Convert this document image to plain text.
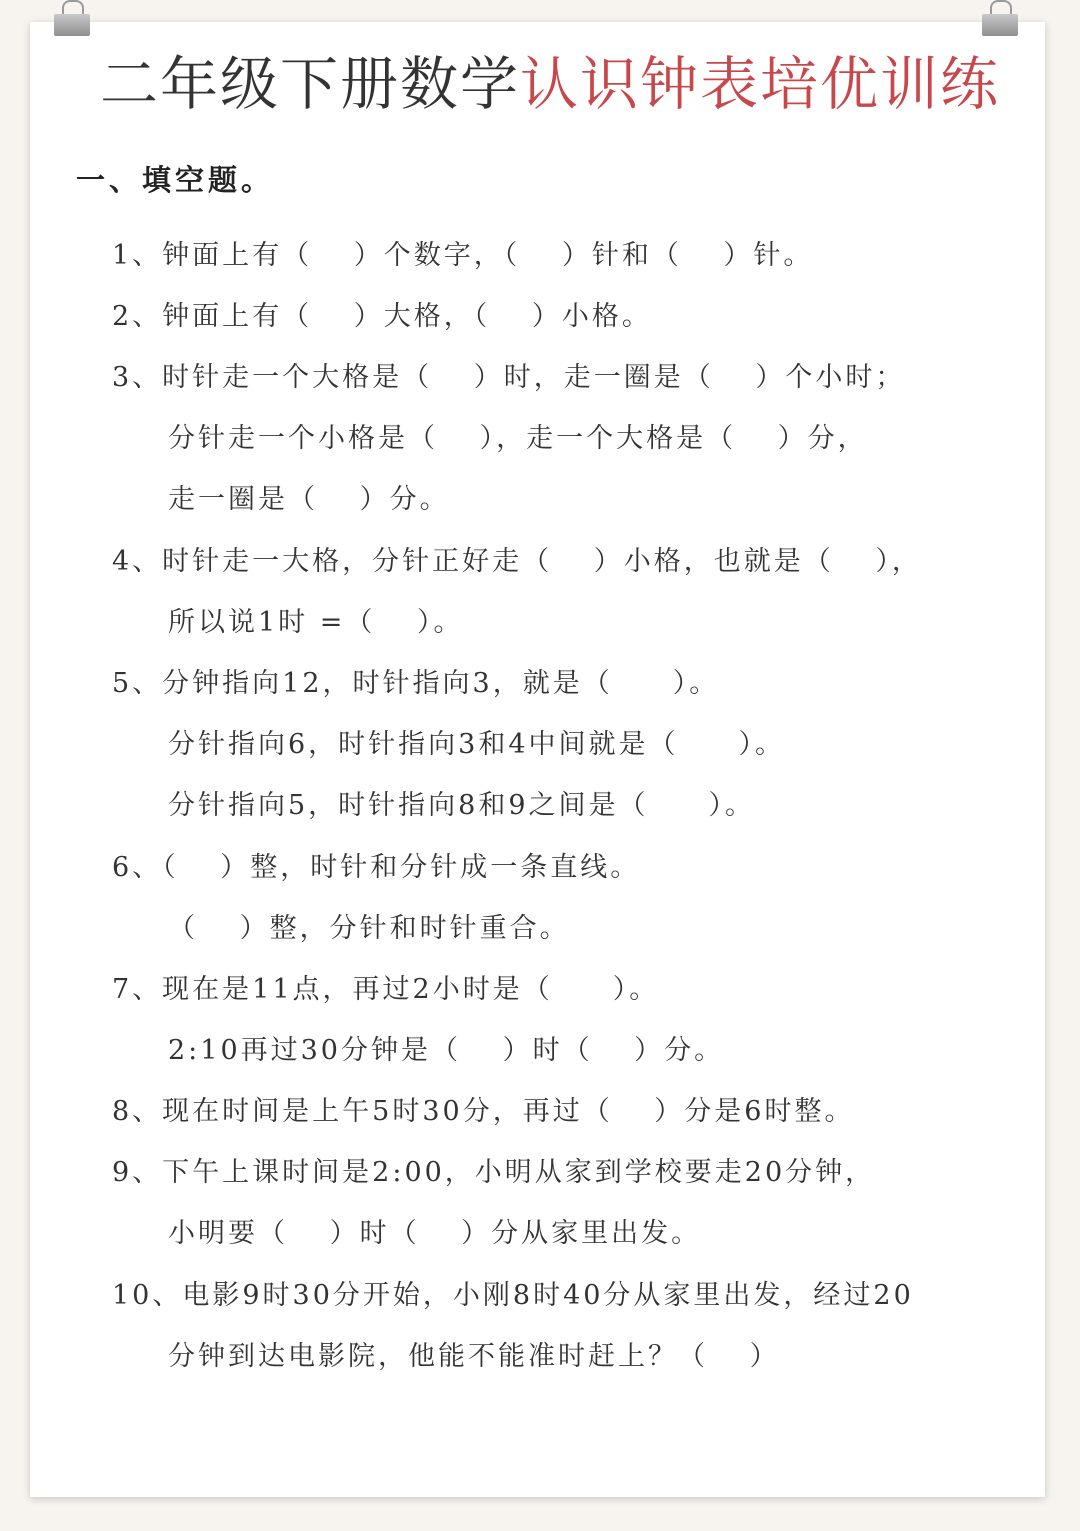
二年级下册数学认识钟表培优训练
一、填空题。
1、钟面上有（　 ）个数字，（　 ）针和（　 ）针。
2、钟面上有（　 ）大格，（　 ）小格。
3、时针走一个大格是（　 ）时，走一圈是（　 ）个小时；
分针走一个小格是（　 ），走一个大格是（　 ）分，
走一圈是（　 ）分。
4、时针走一大格，分针正好走（　 ）小格，也就是（　 ），
所以说1时 =（　 ）。
5、分钟指向12，时针指向3，就是（　　）。
分针指向6，时针指向3和4中间就是（　　）。
分针指向5，时针指向8和9之间是（　　）。
6、（　 ）整，时针和分针成一条直线。
（　 ）整，分针和时针重合。
7、现在是11点，再过2小时是（　　）。
2:10再过30分钟是（　 ）时（　 ）分。
8、现在时间是上午5时30分，再过（　 ）分是6时整。
9、下午上课时间是2:00，小明从家到学校要走20分钟，
小明要（　 ）时（　 ）分从家里出发。
10、电影9时30分开始，小刚8时40分从家里出发，经过20
分钟到达电影院，他能不能准时赶上？（　 ）
